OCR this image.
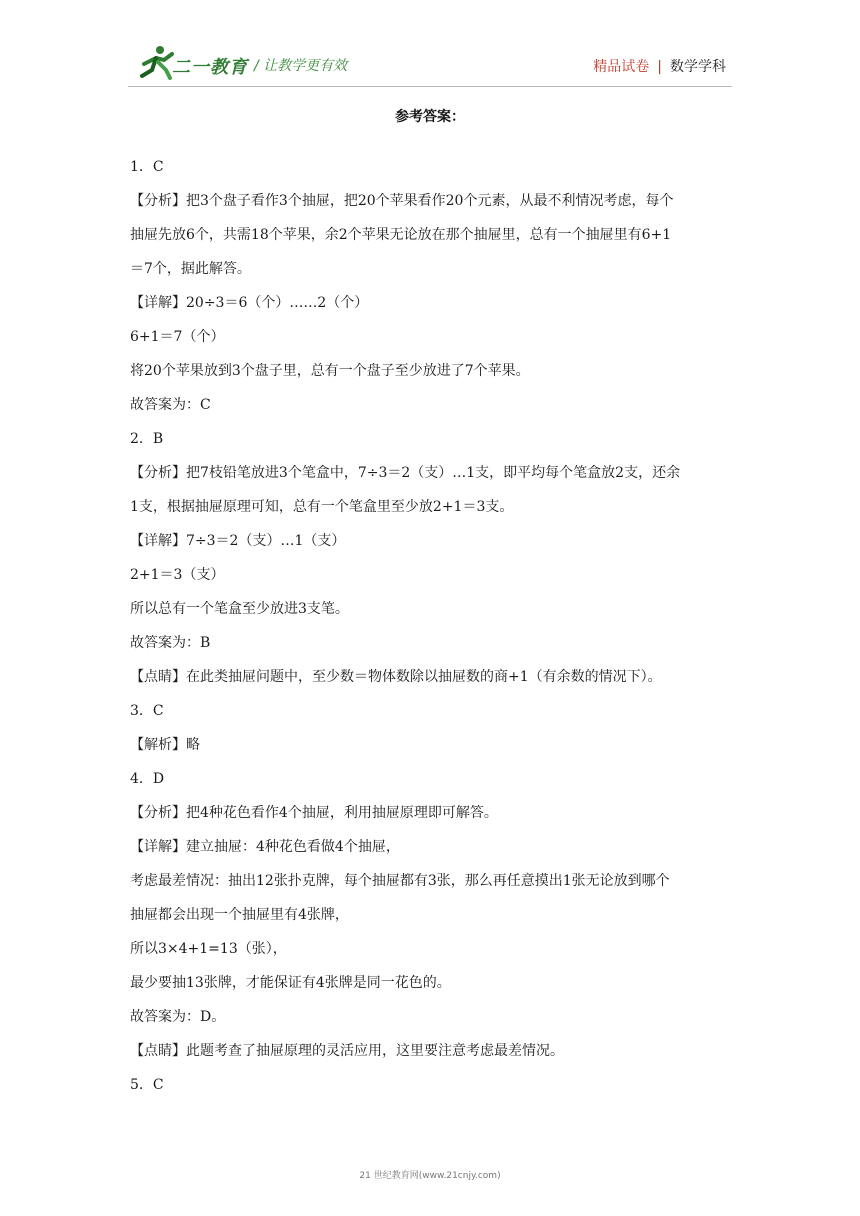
二一教育 / 让教学更有效	精品试卷 | 数学学科
参考答案：

1．C

【分析】把3个盘子看作3个抽屉，把20个苹果看作20个元素，从最不利情况考虑，每个

抽屉先放6个，共需18个苹果，余2个苹果无论放在那个抽屉里，总有一个抽屉里有6+1

＝7个，据此解答。

【详解】20÷3＝6（个）……2（个）

6+1＝7（个）

将20个苹果放到3个盘子里，总有一个盘子至少放进了7个苹果。

故答案为：C

2．B

【分析】把7枝铅笔放进3个笔盒中，7÷3＝2（支）…1支，即平均每个笔盒放2支，还余

1支，根据抽屉原理可知，总有一个笔盒里至少放2+1＝3支。

【详解】7÷3＝2（支）…1（支）

2+1＝3（支）

所以总有一个笔盒至少放进3支笔。

故答案为：B

【点睛】在此类抽屉问题中，至少数＝物体数除以抽屉数的商+1（有余数的情况下）。

3．C

【解析】略

4．D

【分析】把4种花色看作4个抽屉，利用抽屉原理即可解答。

【详解】建立抽屉：4种花色看做4个抽屉，

考虑最差情况：抽出12张扑克牌，每个抽屉都有3张，那么再任意摸出1张无论放到哪个

抽屉都会出现一个抽屉里有4张牌，

所以3×4+1=13（张），

最少要抽13张牌，才能保证有4张牌是同一花色的。

故答案为：D。

【点睛】此题考查了抽屉原理的灵活应用，这里要注意考虑最差情况。

5．C

21 世纪教育网(www.21cnjy.com)
